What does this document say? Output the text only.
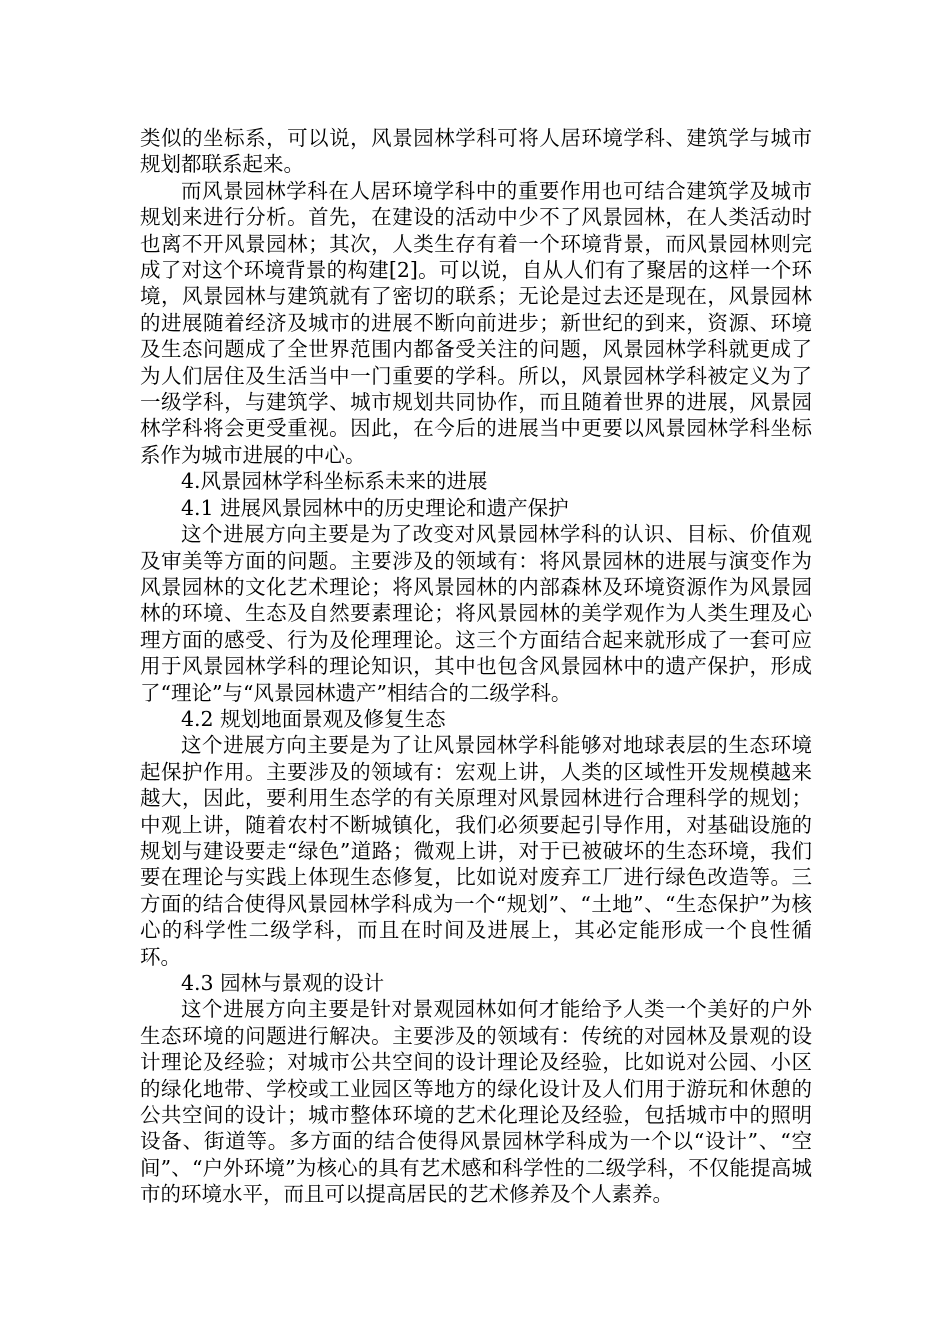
类似的坐标系，可以说，风景园林学科可将人居环境学科、建筑学与城市规划都联系起来。

而风景园林学科在人居环境学科中的重要作用也可结合建筑学及城市规划来进行分析。首先，在建设的活动中少不了风景园林，在人类活动时也离不开风景园林；其次，人类生存有着一个环境背景，而风景园林则完成了对这个环境背景的构建[2]。可以说，自从人们有了聚居的这样一个环境，风景园林与建筑就有了密切的联系；无论是过去还是现在，风景园林的进展随着经济及城市的进展不断向前进步；新世纪的到来，资源、环境及生态问题成了全世界范围内都备受关注的问题，风景园林学科就更成了为人们居住及生活当中一门重要的学科。所以，风景园林学科被定义为了一级学科，与建筑学、城市规划共同协作，而且随着世界的进展，风景园林学科将会更受重视。因此，在今后的进展当中更要以风景园林学科坐标系作为城市进展的中心。

4.风景园林学科坐标系未来的进展

4.1 进展风景园林中的历史理论和遗产保护

这个进展方向主要是为了改变对风景园林学科的认识、目标、价值观及审美等方面的问题。主要涉及的领域有：将风景园林的进展与演变作为风景园林的文化艺术理论；将风景园林的内部森林及环境资源作为风景园林的环境、生态及自然要素理论；将风景园林的美学观作为人类生理及心理方面的感受、行为及伦理理论。这三个方面结合起来就形成了一套可应用于风景园林学科的理论知识，其中也包含风景园林中的遗产保护，形成了“理论”与“风景园林遗产”相结合的二级学科。

4.2 规划地面景观及修复生态

这个进展方向主要是为了让风景园林学科能够对地球表层的生态环境起保护作用。主要涉及的领域有：宏观上讲，人类的区域性开发规模越来越大，因此，要利用生态学的有关原理对风景园林进行合理科学的规划；中观上讲，随着农村不断城镇化，我们必须要起引导作用，对基础设施的规划与建设要走“绿色”道路；微观上讲，对于已被破坏的生态环境，我们要在理论与实践上体现生态修复，比如说对废弃工厂进行绿色改造等。三方面的结合使得风景园林学科成为一个“规划”、“土地”、“生态保护”为核心的科学性二级学科，而且在时间及进展上，其必定能形成一个良性循环。

4.3 园林与景观的设计

这个进展方向主要是针对景观园林如何才能给予人类一个美好的户外生态环境的问题进行解决。主要涉及的领域有：传统的对园林及景观的设计理论及经验；对城市公共空间的设计理论及经验，比如说对公园、小区的绿化地带、学校或工业园区等地方的绿化设计及人们用于游玩和休憩的公共空间的设计；城市整体环境的艺术化理论及经验，包括城市中的照明设备、街道等。多方面的结合使得风景园林学科成为一个以“设计”、“空间”、“户外环境”为核心的具有艺术感和科学性的二级学科，不仅能提高城市的环境水平，而且可以提高居民的艺术修养及个人素养。
